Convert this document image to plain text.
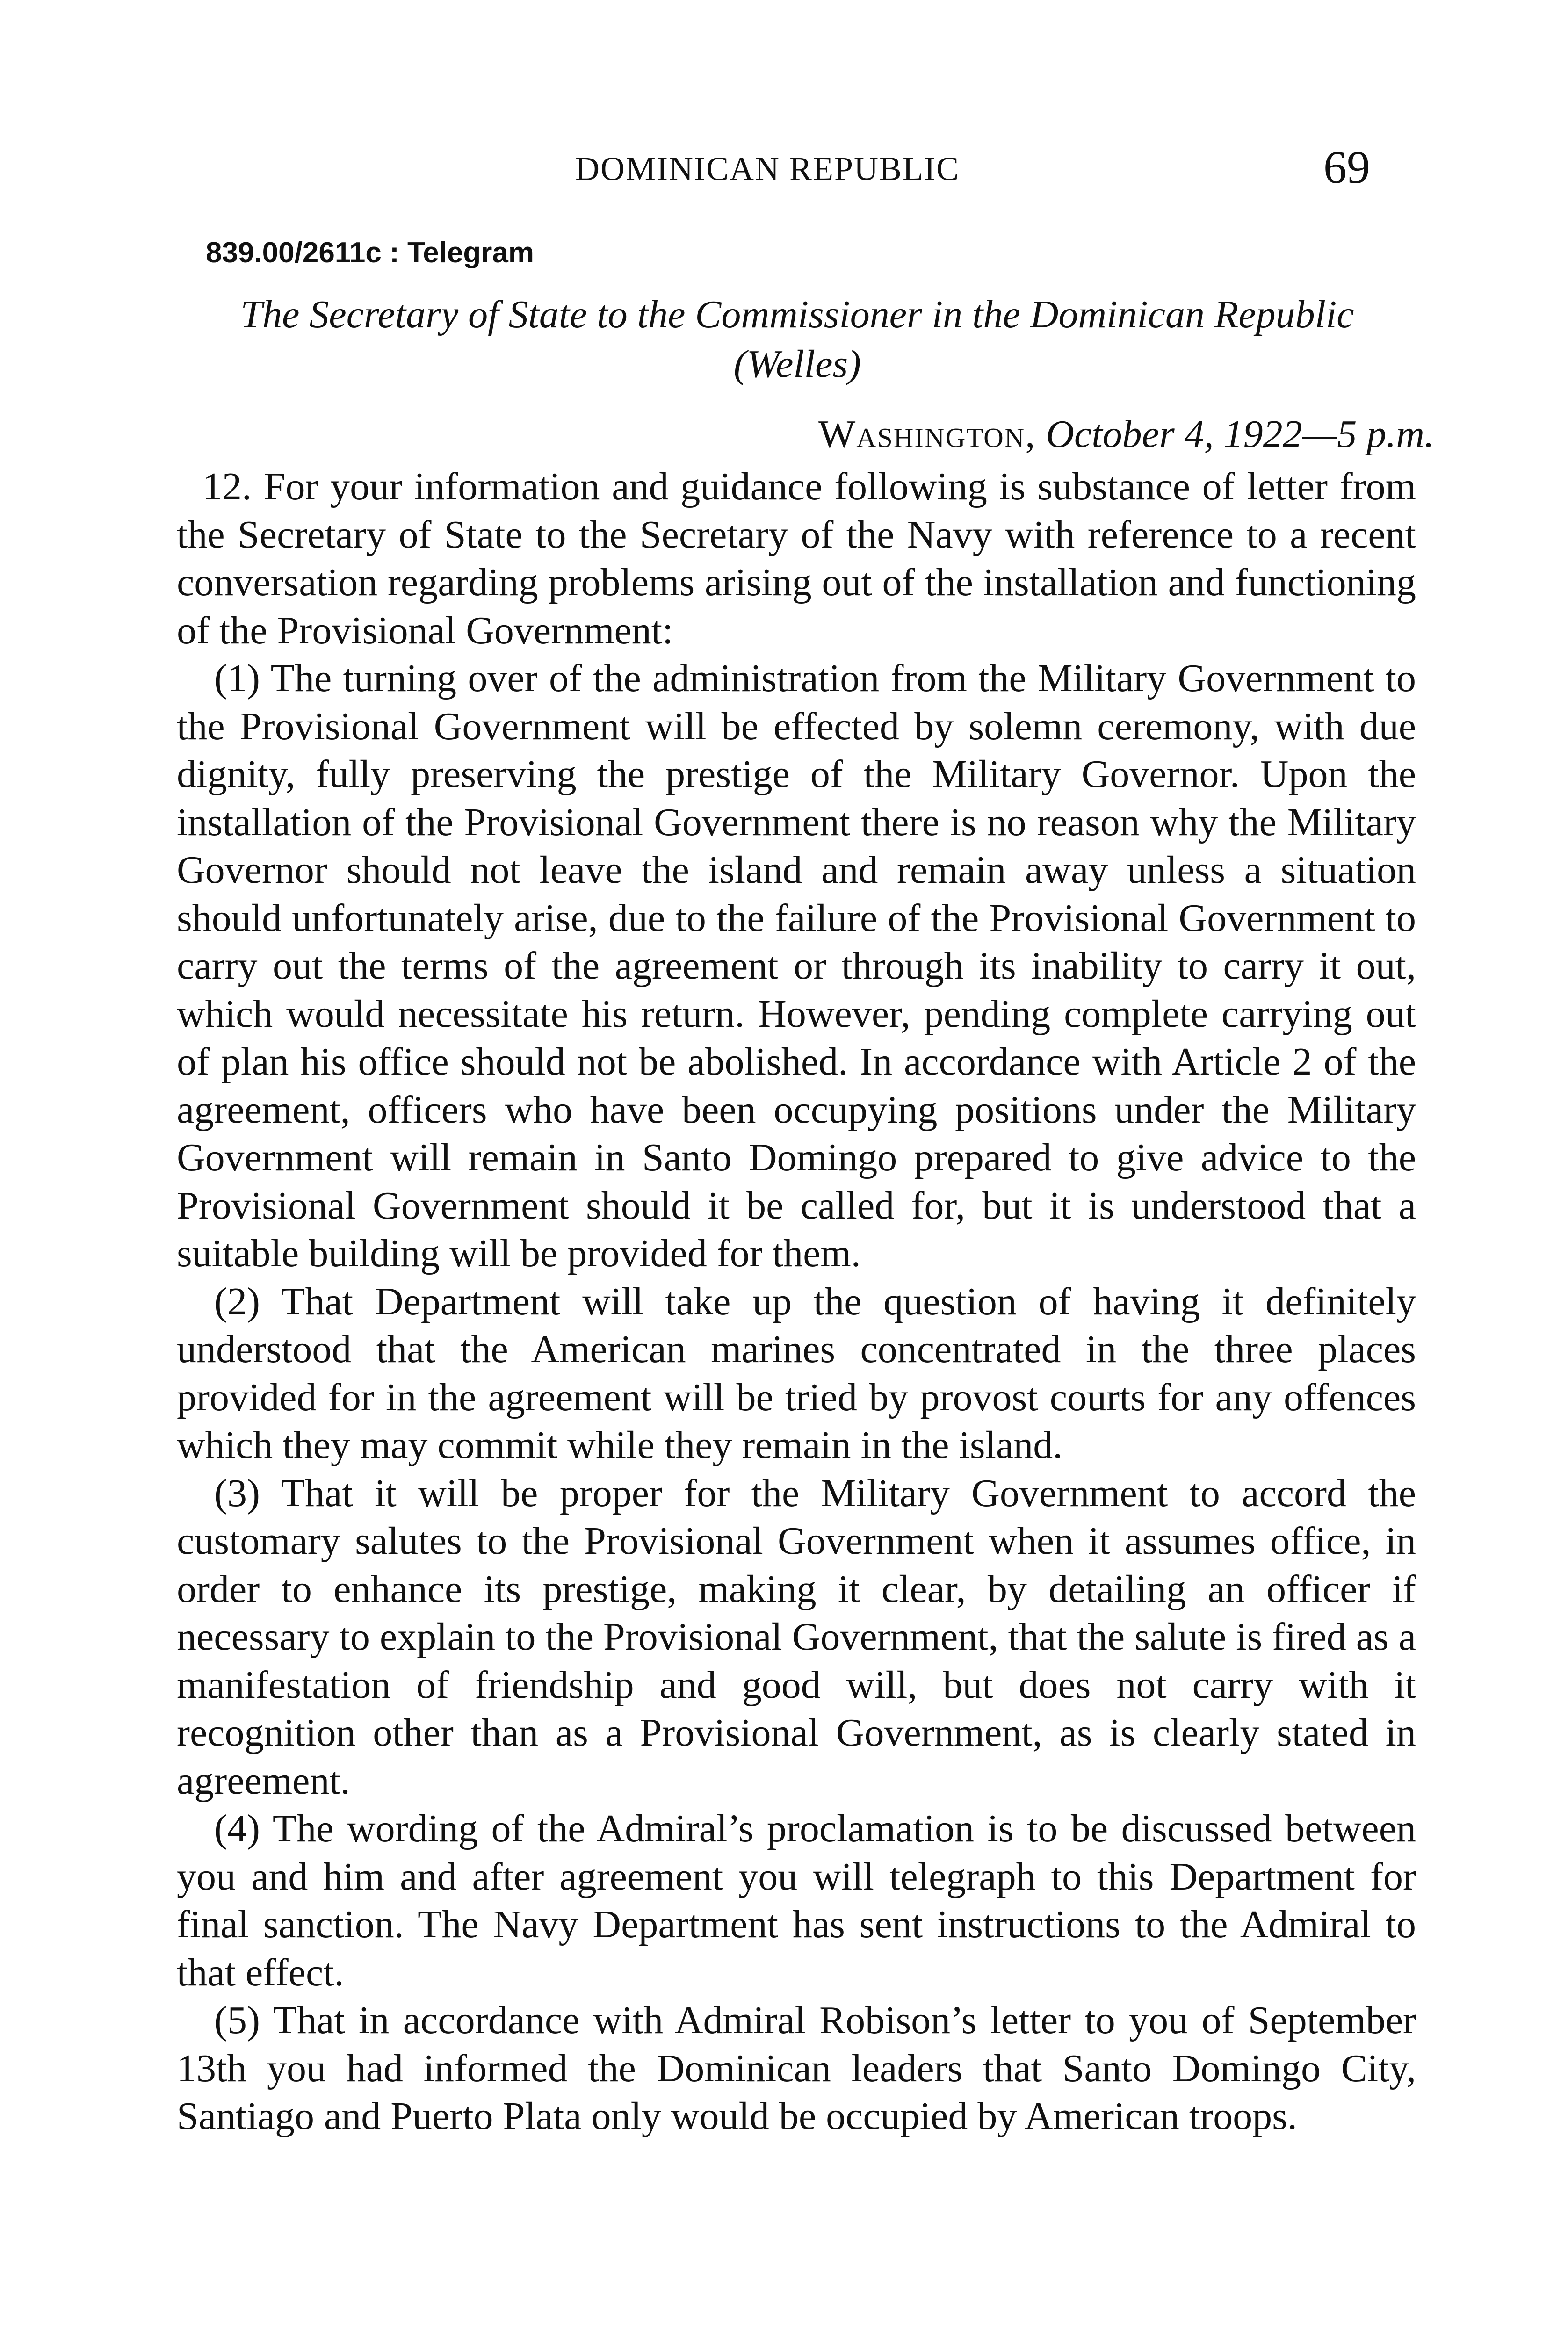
DOMINICAN REPUBLIC	69
839.00/2611c : Telegram
The Secretary of State to the Commissioner in the Dominican Republic (Welles)
Washington, October 4, 1922—5 p.m.

12. For your information and guidance following is substance of letter from the Secretary of State to the Secretary of the Navy with reference to a recent conversation regarding problems arising out of the installation and functioning of the Provisional Government:

(1) The turning over of the administration from the Military Government to the Provisional Government will be effected by solemn ceremony, with due dignity, fully preserving the prestige of the Military Governor. Upon the installation of the Provisional Government there is no reason why the Military Governor should not leave the island and remain away unless a situation should unfortunately arise, due to the failure of the Provisional Government to carry out the terms of the agreement or through its inability to carry it out, which would necessitate his return. However, pending complete carrying out of plan his office should not be abolished. In accordance with Article 2 of the agreement, officers who have been occupying positions under the Military Government will remain in Santo Domingo prepared to give advice to the Provisional Government should it be called for, but it is understood that a suitable building will be provided for them.

(2) That Department will take up the question of having it definitely understood that the American marines concentrated in the three places provided for in the agreement will be tried by provost courts for any offences which they may commit while they remain in the island.

(3) That it will be proper for the Military Government to accord the customary salutes to the Provisional Government when it assumes office, in order to enhance its prestige, making it clear, by detailing an officer if necessary to explain to the Provisional Government, that the salute is fired as a manifestation of friendship and good will, but does not carry with it recognition other than as a Provisional Government, as is clearly stated in agreement.

(4) The wording of the Admiral’s proclamation is to be discussed between you and him and after agreement you will telegraph to this Department for final sanction. The Navy Department has sent instructions to the Admiral to that effect.

(5) That in accordance with Admiral Robison’s letter to you of September 13th you had informed the Dominican leaders that Santo Domingo City, Santiago and Puerto Plata only would be occupied by American troops.
